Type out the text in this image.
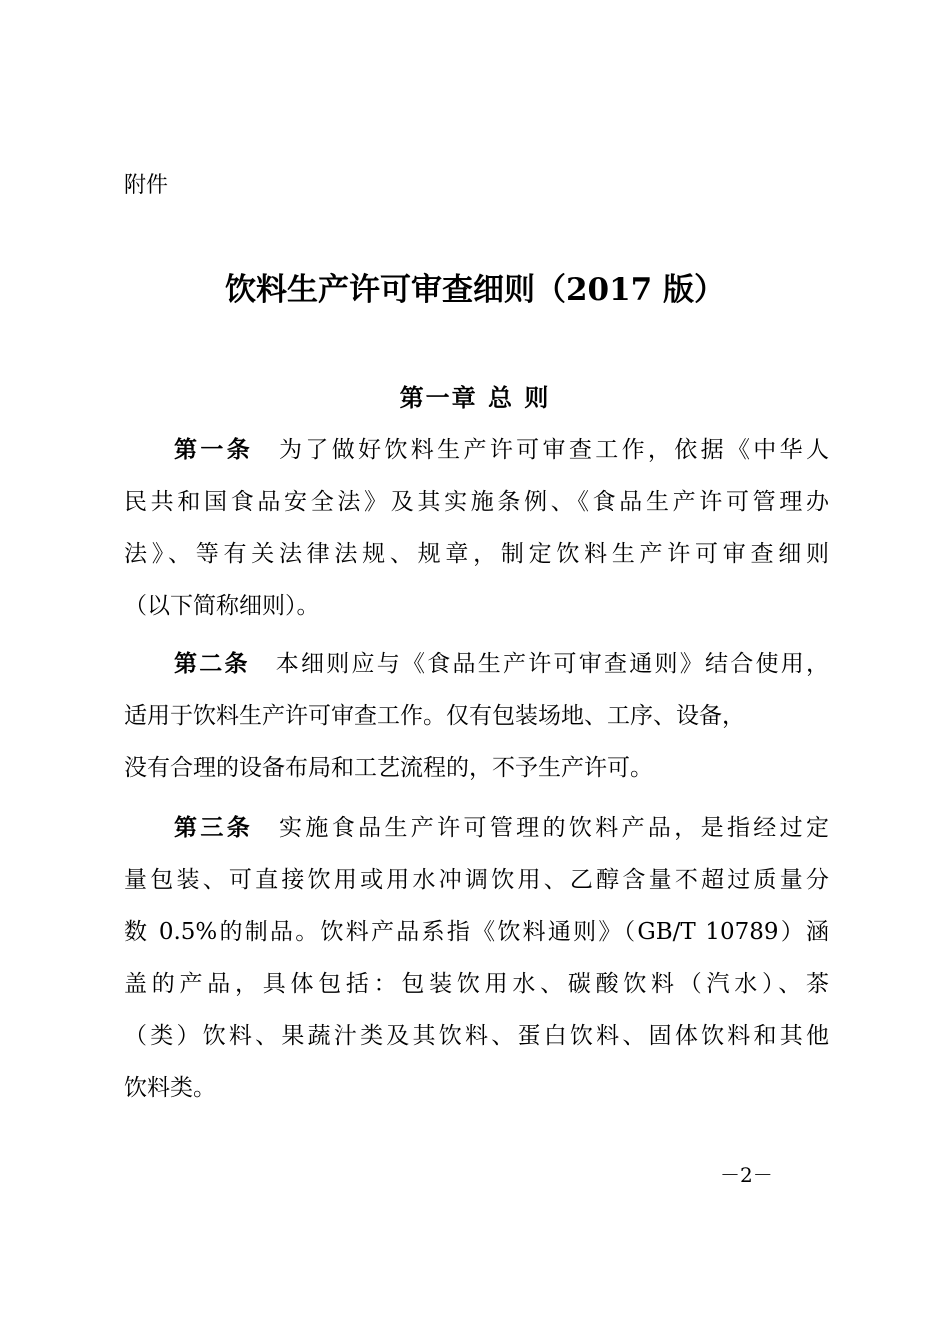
附件
饮料生产许可审查细则（2017 版）
第一章 总 则
第一条 为了做好饮料生产许可审查工作，依据《中华人
民共和国食品安全法》及其实施条例、《食品生产许可管理办
法》、等有关法律法规、规章，制定饮料生产许可审查细则
（以下简称细则）。
第二条 本细则应与《食品生产许可审查通则》结合使用，
适用于饮料生产许可审查工作。仅有包装场地、工序、设备，
没有合理的设备布局和工艺流程的，不予生产许可。
第三条 实施食品生产许可管理的饮料产品，是指经过定
量包装、可直接饮用或用水冲调饮用、乙醇含量不超过质量分
数 0.5%的制品。饮料产品系指《饮料通则》（GB/T 10789）涵
盖的产品，具体包括：包装饮用水、碳酸饮料（汽水）、茶
（类）饮料、果蔬汁类及其饮料、蛋白饮料、固体饮料和其他
饮料类。
－2－
